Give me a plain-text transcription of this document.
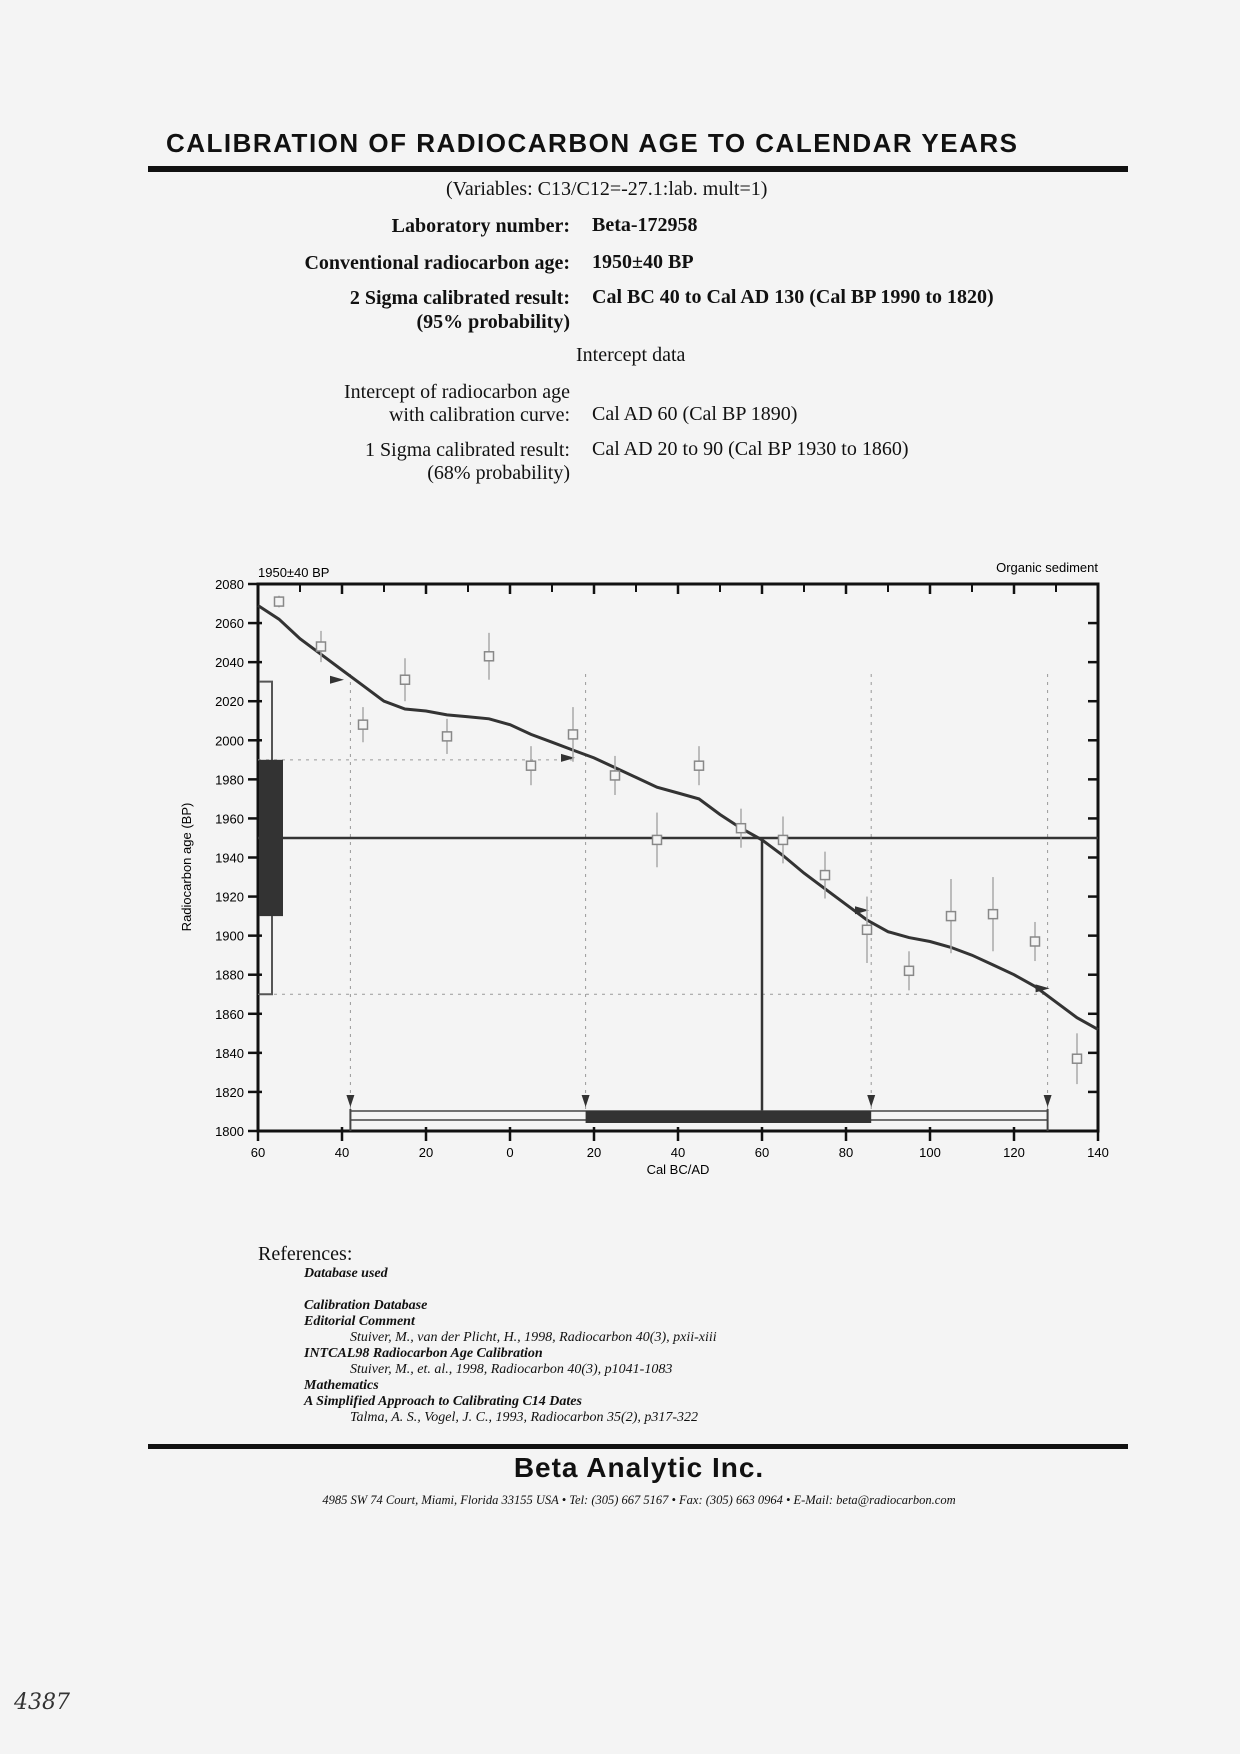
CALIBRATION OF RADIOCARBON AGE TO CALENDAR YEARS
(Variables: C13/C12=-27.1:lab. mult=1)
Laboratory number: Beta-172958
Conventional radiocarbon age: 1950±40 BP
2 Sigma calibrated result:
(95% probability)
Cal BC 40 to Cal AD 130 (Cal BP 1990 to 1820)
Intercept data
Intercept of radiocarbon age
with calibration curve: Cal AD 60 (Cal BP 1890)
1 Sigma calibrated result:
(68% probability)
Cal AD 20 to 90 (Cal BP 1930 to 1860)
1800
1820
1840
1860
1880
1900
1920
1940
1960
1980
2000
2020
2040
2060
2080
60	40	20	0	20	40	60	80	100	120	140
1950±40 BP	Organic sediment
Cal BC/AD
Radiocarbon age (BP)
References:
Database used
Calibration Database
Editorial Comment
Stuiver, M., van der Plicht, H., 1998, Radiocarbon 40(3), pxii-xiii
INTCAL98 Radiocarbon Age Calibration
Stuiver, M., et. al., 1998, Radiocarbon 40(3), p1041-1083
Mathematics
A Simplified Approach to Calibrating C14 Dates
Talma, A. S., Vogel, J. C., 1993, Radiocarbon 35(2), p317-322
Beta Analytic Inc.
4985 SW 74 Court, Miami, Florida 33155 USA • Tel: (305) 667 5167 • Fax: (305) 663 0964 • E-Mail: beta@radiocarbon.com
4387
